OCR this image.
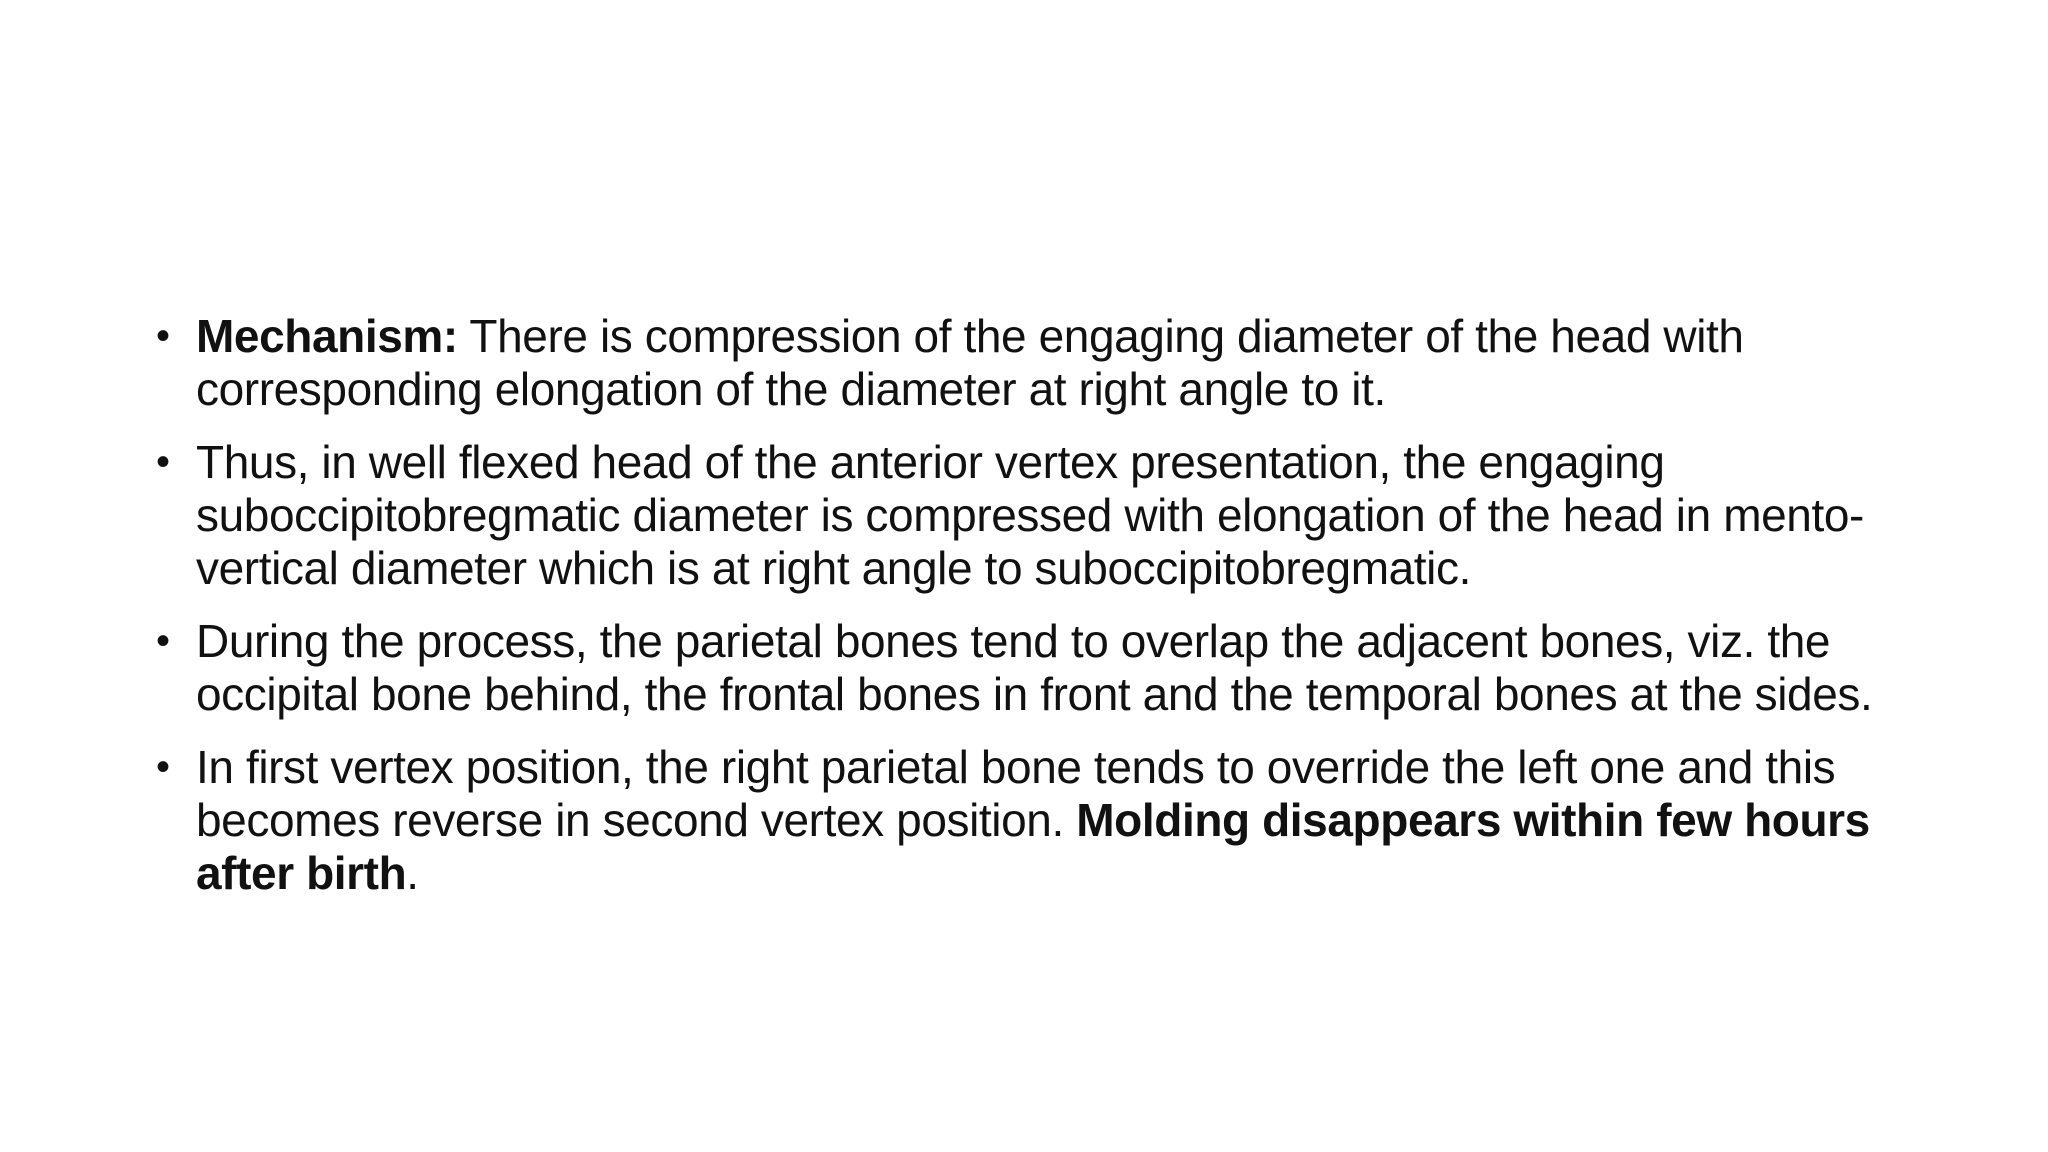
• Mechanism: There is compression of the engaging diameter of the head with corresponding elongation of the diameter at right angle to it.
• Thus, in well flexed head of the anterior vertex presentation, the engaging suboccipitobregmatic diameter is compressed with elongation of the head in mento-vertical diameter which is at right angle to suboccipitobregmatic.
• During the process, the parietal bones tend to overlap the adjacent bones, viz. the occipital bone behind, the frontal bones in front and the temporal bones at the sides.
• In first vertex position, the right parietal bone tends to override the left one and this becomes reverse in second vertex position. Molding disappears within few hours after birth.
